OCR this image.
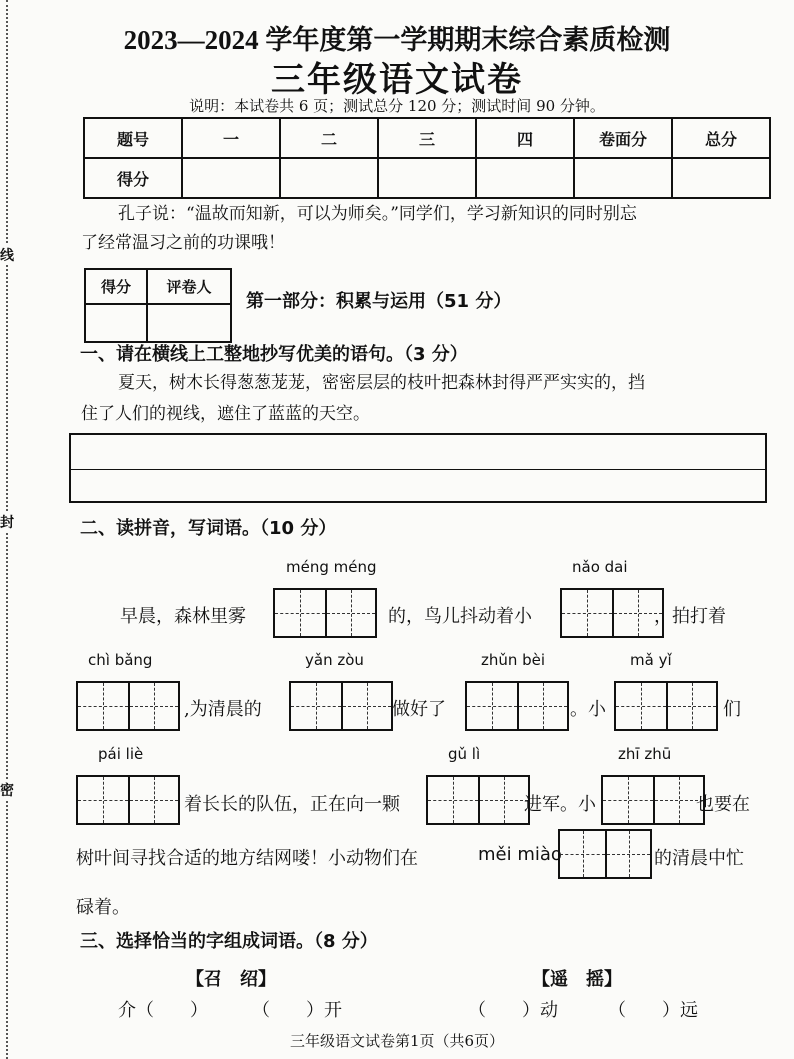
线
封
密
2023—2024 学年度第一学期期末综合素质检测
三年级语文试卷
说明：本试卷共 6 页；测试总分 120 分；测试时间 90 分钟。
题号	一	二	三	四	卷面分	总分
得分						
孔子说：“温故而知新，可以为师矣。”同学们，学习新知识的同时别忘
了经常温习之前的功课哦！
得分	评卷人

第一部分：积累与运用（51 分）
一、请在横线上工整地抄写优美的语句。（3 分）
夏天，树木长得葱葱茏茏，密密层层的枝叶把森林封得严严实实的，挡
住了人们的视线，遮住了蓝蓝的天空。
二、读拼音，写词语。（10 分）
méng méng	nǎo dai
早晨，森林里雾	的，鸟儿抖动着小	，拍打着
chì bǎng	yǎn zòu	zhǔn bèi	mǎ yǐ
,为清晨的	做好了	。小	们
pái liè	gǔ lì	zhī zhū
着长长的队伍，正在向一颗	进军。小	也要在
树叶间寻找合适的地方结网喽！小动物们在	měi miào	的清晨中忙
碌着。
三、选择恰当的字组成词语。（8 分）
【召　绍】	【遥　摇】
介（　　） （　　）开	（　　）动	（　　）远
三年级语文试卷第1页（共6页）
